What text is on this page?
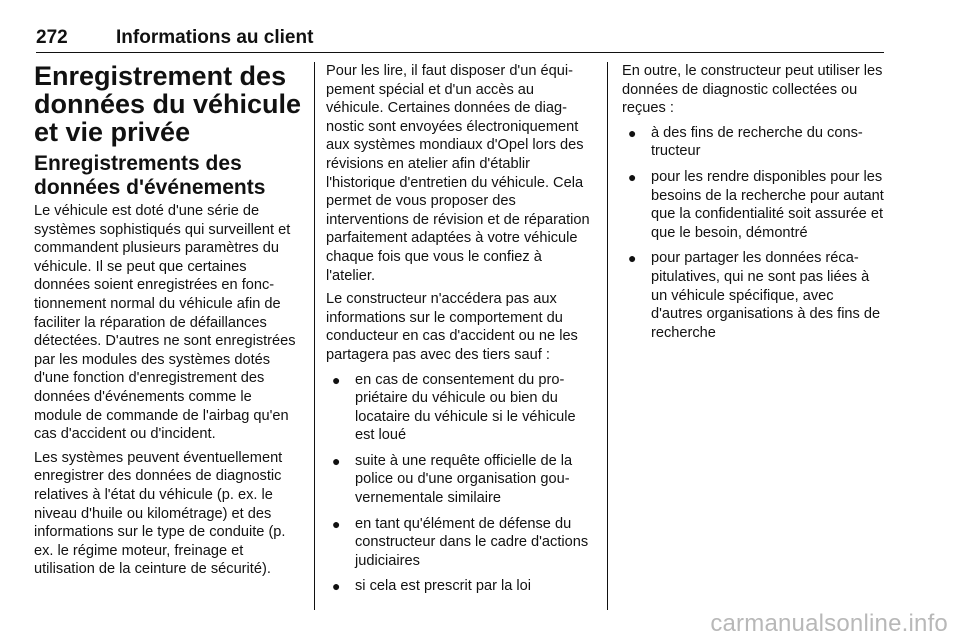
272	Informations au client
Enregistrement des données du véhicule et vie privée
Enregistrements des données d'événements

Le véhicule est doté d'une série de systèmes sophistiqués qui surveillent et commandent plusieurs paramètres du véhicule. Il se peut que certaines données soient enregistrées en fonctionnement normal du véhicule afin de faciliter la réparation de défaillances détectées. D'autres ne sont enregistrées par les modules des systèmes dotés d'une fonction d'enregistrement des données d'événements comme le module de commande de l'airbag qu'en cas d'accident ou d'incident.

Les systèmes peuvent éventuellement enregistrer des données de diagnostic relatives à l'état du véhicule (p. ex. le niveau d'huile ou kilométrage) et des informations sur le type de conduite (p. ex. le régime moteur, freinage et utilisation de la ceinture de sécurité).

Pour les lire, il faut disposer d'un équipement spécial et d'un accès au véhicule. Certaines données de diagnostic sont envoyées électroniquement aux systèmes mondiaux d'Opel lors des révisions en atelier afin d'établir l'historique d'entretien du véhicule. Cela permet de vous proposer des interventions de révision et de réparation parfaitement adaptées à votre véhicule chaque fois que vous le confiez à l'atelier.

Le constructeur n'accédera pas aux informations sur le comportement du conducteur en cas d'accident ou ne les partagera pas avec des tiers sauf :

● en cas de consentement du propriétaire du véhicule ou bien du locataire du véhicule si le véhicule est loué
● suite à une requête officielle de la police ou d'une organisation gouvernementale similaire
● en tant qu'élément de défense du constructeur dans le cadre d'actions judiciaires
● si cela est prescrit par la loi

En outre, le constructeur peut utiliser les données de diagnostic collectées ou reçues :

● à des fins de recherche du constructeur
● pour les rendre disponibles pour les besoins de la recherche pour autant que la confidentialité soit assurée et que le besoin, démontré
● pour partager les données récapitulatives, qui ne sont pas liées à un véhicule spécifique, avec d'autres organisations à des fins de recherche
carmanualsonline.info
